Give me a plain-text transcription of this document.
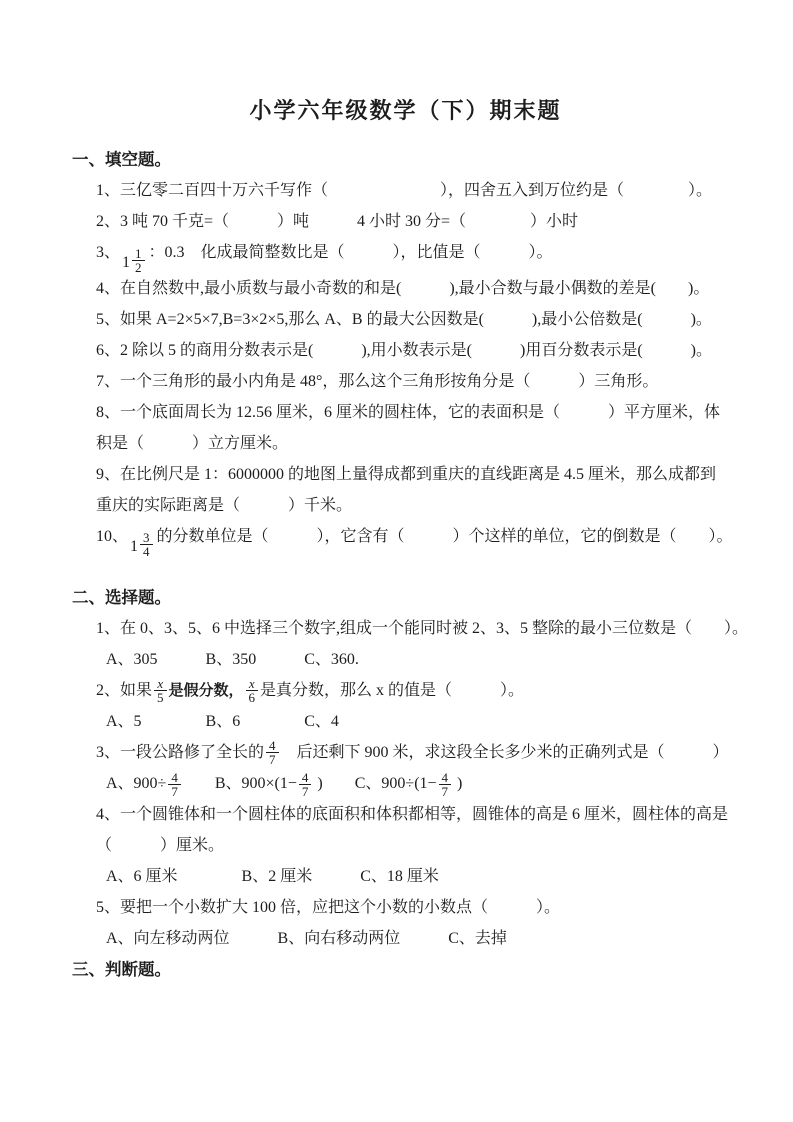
小学六年级数学（下）期末题
一、填空题。
1、三亿零二百四十万六千写作（　　　　　　　），四舍五入到万位约是（　　　　）。
2、3 吨 70 千克=（　　　）吨　　　4 小时 30 分=（　　　　）小时
3、
$1 \frac{1}{2}$ ：0.3　化成最简整数比是（　　　），比值是（　　　）。
4、在自然数中,最小质数与最小奇数的和是(　　　),最小合数与最小偶数的差是(　　)。
5、如果 A=2×5×7,B=3×2×5,那么 A、B 的最大公因数是(　　　),最小公倍数是(　　　)。
6、2 除以 5 的商用分数表示是(　　　),用小数表示是(　　　)用百分数表示是(　　　)。
7、一个三角形的最小内角是 48°，那么这个三角形按角分是（　　　）三角形。
8、一个底面周长为 12.56 厘米，6 厘米的圆柱体，它的表面积是（　　　）平方厘米，体
积是（　　　）立方厘米。
9、在比例尺是 1：6000000 的地图上量得成都到重庆的直线距离是 4.5 厘米，那么成都到
重庆的实际距离是（　　　）千米。
10、
$1 \frac{3}{4}$ 的分数单位是（　　　），它含有（　　　）个这样的单位，它的倒数是（　　）。
二、选择题。
1、在 0、3、5、6 中选择三个数字,组成一个能同时被 2、3、5 整除的最小三位数是（　　）。
A、305　　　B、350　　　C、360.
2、如果 $\frac{x}{5}$ 是假分数， $\frac{x}{6}$ 是真分数，那么 x 的值是（　　　）。
A、5　　　　B、6　　　　C、4
3、一段公路修了全长的 $\frac{4}{7}$ 　后还剩下 900 米，求这段全长多少米的正确列式是（　　　）
A、$900\div \frac{4}{7}$ 　　B、$900\times(1- \frac{4}{7}$ )　　C、$900\div(1- \frac{4}{7}$ )
4、一个圆锥体和一个圆柱体的底面积和体积都相等，圆锥体的高是 6 厘米，圆柱体的高是
（　　　）厘米。
A、6 厘米　　　　B、2 厘米　　　C、18 厘米
5、要把一个小数扩大 100 倍，应把这个小数的小数点（　　　）。
A、向左移动两位　　　B、向右移动两位　　　C、去掉
三、判断题。
